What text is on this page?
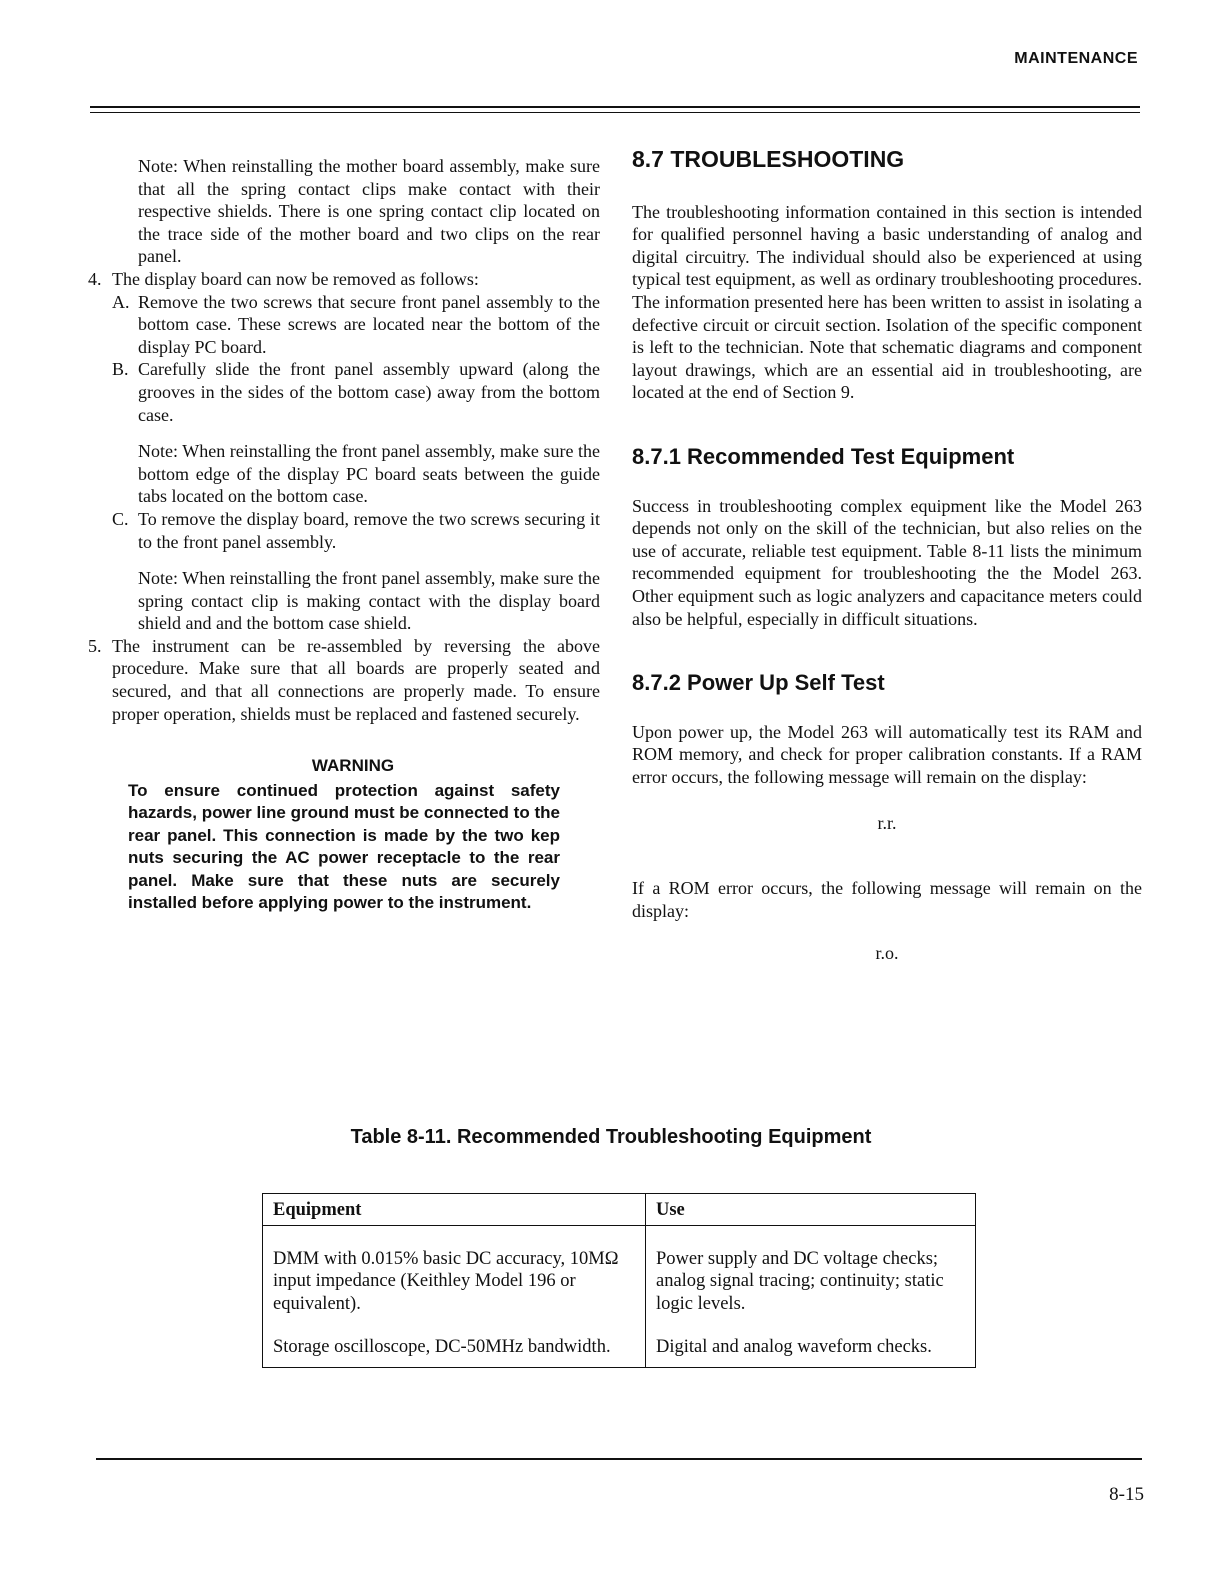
MAINTENANCE

Note: When reinstalling the mother board assembly, make sure that all the spring contact clips make contact with their respective shields. There is one spring contact clip located on the trace side of the mother board and two clips on the rear panel.

4. The display board can now be removed as follows:
A. Remove the two screws that secure front panel assembly to the bottom case. These screws are located near the bottom of the display PC board.
B. Carefully slide the front panel assembly upward (along the grooves in the sides of the bottom case) away from the bottom case.

Note: When reinstalling the front panel assembly, make sure the bottom edge of the display PC board seats between the guide tabs located on the bottom case.

C. To remove the display board, remove the two screws securing it to the front panel assembly.

Note: When reinstalling the front panel assembly, make sure the spring contact clip is making contact with the display board shield and and the bottom case shield.

5. The instrument can be re-assembled by reversing the above procedure. Make sure that all boards are properly seated and secured, and that all connections are properly made. To ensure proper operation, shields must be replaced and fastened securely.
WARNING
To ensure continued protection against safety hazards, power line ground must be connected to the rear panel. This connection is made by the two kep nuts securing the AC power receptacle to the rear panel. Make sure that these nuts are securely installed before applying power to the instrument.
8.7 TROUBLESHOOTING

The troubleshooting information contained in this section is intended for qualified personnel having a basic understanding of analog and digital circuitry. The individual should also be experienced at using typical test equipment, as well as ordinary troubleshooting procedures. The information presented here has been written to assist in isolating a defective circuit or circuit section. Isolation of the specific component is left to the technician. Note that schematic diagrams and component layout drawings, which are an essential aid in troubleshooting, are located at the end of Section 9.

8.7.1 Recommended Test Equipment

Success in troubleshooting complex equipment like the Model 263 depends not only on the skill of the technician, but also relies on the use of accurate, reliable test equipment. Table 8-11 lists the minimum recommended equipment for troubleshooting the the Model 263. Other equipment such as logic analyzers and capacitance meters could also be helpful, especially in difficult situations.

8.7.2 Power Up Self Test

Upon power up, the Model 263 will automatically test its RAM and ROM memory, and check for proper calibration constants. If a RAM error occurs, the following message will remain on the display:

r.r.

If a ROM error occurs, the following message will remain on the display:

r.o.

Table 8-11. Recommended Troubleshooting Equipment
Equipment	Use
DMM with 0.015% basic DC accuracy, 10MΩ input impedance (Keithley Model 196 or equivalent).	Power supply and DC voltage checks; analog signal tracing; continuity; static logic levels.
Storage oscilloscope, DC-50MHz bandwidth.	Digital and analog waveform checks.
8-15
